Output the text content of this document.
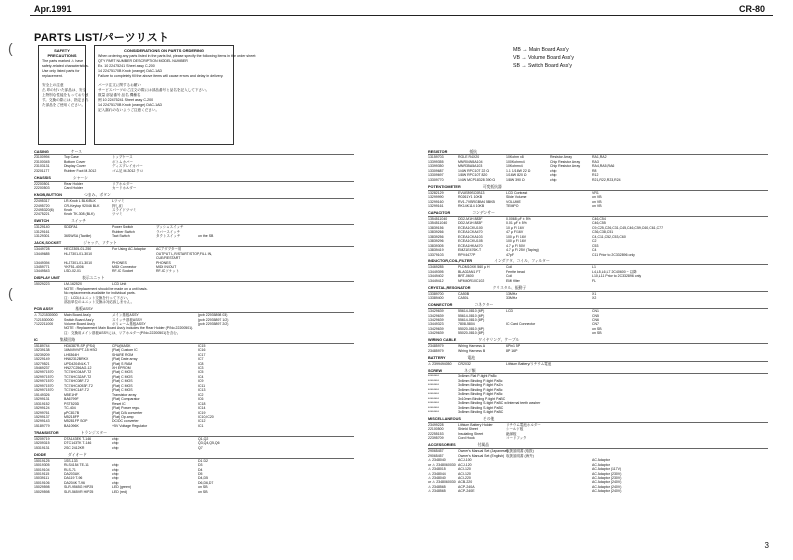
Apr.1991	CR-80
(
(
PARTS LIST/パーツリスト
SAFETY PRECAUTIONS
The parts marked ⚠ have
safety-related characteristics.
Use only listed parts for
replacement.
安全上の注意
⚠ 印の付いた部品は、安全
上特別な性能をもっておりま
す。交換の際には、指定され
た部品をご使用ください。
CONSIDERATIONS ON PARTS ORDERING
When ordering any parts listed in the parts list, please specify the following items in the order sheet:
QTY PART NUMBER DESCRIPTION MODEL NUMBER
Ex. 10 22475241 Sheet assy C-200
14 22475170B Knob (orange) DAC-1AD
Failure to completely fill the above items will cause errors and delay in delivery.
パーツ注文に関するお願い
サービスパーツのご注文の際には部品番号と品名を記入して下さい。
数量 部品番号 品名 機種名
例 10 22475241 Sheet assy C-200
14 22475170B Knob (orange) DAC-1AD
記入漏れのないようご注意ください。
MB → Main Board Ass'y
VB → Volume Board Ass'y
SB → Switch Board Ass'y
CASING	ケース
23100994	Top Case	トップケース
23100045	Bottom Cover	ボトムカバー
23103131	Display Cover	ディスプレイカバー
23201177	Rubber Foot M-3012	ゴム足 M-3012 クロ
CHASSIS	シャーシ
22200501	Rear Holder	リアホルダー
22200503	Card Holder	カードホルダー
KNOB,BUTTON	つまみ、ボタン
22495317	LR-Knob L BLK/BLK	Lツマミ
22495720	CR-Keytop 92046 BLK	押し釦
22495320(6)	Knob	スライドツマミ
22475221	Knob TK-308 (BLK)	ツマミ
SWITCH	スイッチ
13129140	SDDFA1	Power Switch	プッシュスイッチ
13129161	Rubber Switch	ラバースイッチ
13129301	36SWSA (Tactile)	Tact Switch	タクトスイッチ	on the SB
JACK,SOCKET	ジャック、ソケット
13449728	HEC2305-01-250	For Using AC Adaptor	ACアダプター用
13449685	HLJ7301-01-3010	OUTPUT L,R/START/STOP,FILL IN,
CUE/RESTART
13449394	HLJ7301-01-3010	PHONES	PHONES
13459771	YKF51-4006	MIDI Connector	MIDI IN/OUT
13449543	LSD-02-01	RF-IC Socket	RF-ICソケット
DISPLAY UNIT	表示ユニット
15029223	LM-16252X	LCD Unit
NOTE : Replacement should be made on a unit basis.
No replacements available for individual parts.
注：LCDはユニット交換を行って下さい。
部品単位のユニット交換は対応致しません。
PCB ASSY	基板ASSY
⚠ 7121530000	Main Board Ass'y	メイン基板ASSY	(pcb 22935898 03)
7121530000	Switch Board Ass'y	スイッチ基板ASSY	(pcb 22935897 1/2)
7122211000	Volume Board Ass'y	ボリューム基板ASSY	(pcb 22935897 2/2)
NOTE : Replacement Main Board Ass'y includes the Rear Holder (P/No.22200501).
注：交換用メイン基板ASSYには、リアホルダー(P/No.22200501)を含む。
IC	集積回路
15189744	HD6387R-SP (PS4)	CPU(MASK	IC15
15239138	16M49VVPT-15 HSO	(Flat) Custom IC	IC16
15239209	LH5364H	SHARE ROM	IC17
15229149	HN62312BRKX	(Flat) Date array	IC7
15279521	UPD4204NLK-T	(Flat) S RAM	IC8
15469237	HN27C256AG-12	XH EPROM	IC3
1529971570	TC74HC04AF-T2	(Flat) C MOS	IC5
1529971570	TC74HC32AF-T2	(Flat) C MOS	IC4
1529971570	TC74HC08F-T2	(Flat) C MOS	IC9
1529971570	TC74HC4053F-T2	(Flat) C MOS	IC11
1529971570	TC74HC14F-T2	(Flat) C MOS	IC13
15149326	M5E1HF	Transistor array	IC2
15299131	BA6799F	(Flat) Comparator	IC6
15319152	PST520D	Reset IC	IC18
15299124	TC-404	(Flat) Power regu.	IC14
15299761	μPC817B	(Flat) D/A converter	IC19
15299137	M5218FP	(Flat) Op.amp	IC10,IC20
15299143	M5281FP SOP	DC/DC converter	IC12
15189779	BA1096K	+5V Voltage Regulator	IC1
TRANSISTOR	トランジスター
15209719	DTA143EK T-146	chip	Q1,Q2
15209315	DTC143TK T-146	chip	Q3,Q4,Q5,Q6
15319131	2SC 2412KR	chip	Q7
DIODE	ダイオード
15019125	1SS-133	D1 D2
15019305	RLS4154 TE-11	chip	D3
15019104	RLS-71	chip	D4
15019115	DA203UK	chip	D5
15039111	DA119 T-96	chip	D4,D5
15019106	DA204K T-96	chip	D6,D6,D7
15029598	SLR-9565G HIP25	LED (green)	on SB
15029598	SLR-565VR HIP25	LED (red)	on SB
RESISTOR	抵抗
13159703	RGLE R4X20	10Kohm x8	Resistor Array	RA1,RA2
13399355	MNR04N5A104	100Kohmx4	Chip Resistor Array	RA3
13399350	MNR35A5A103	10Kohmx4	Chip Resistor Array	RA4,RA5,RA6
13309687	1/4W RPC10T 22 Ω	1.1 1/16W 22 Ω	chip	R8
13309697	1/8W RPC10T 820	1/16W 820 Ω	chip	R12
13309770	1/4W MCP18328 390 Ω	1/8W 390 Ω	chip	R21,R22,R23,R24
POTENTIOMETER	可変抵抗器
13282129	EVUE89SC0B13	LCD Contrast	VR1
13299990	R0261Y1 10KB	Slide Volume	on VB
13299160	RV1-7VBRGBM4 5BKB	VOLUME	on VB
13299161	RK14K114 10KB	TEMPO	on VB
CAPACITOR	コンデンサー
1354511040	DD2-M1H 883F	0.0068 μF ± 5%	C46,C54
1354511040	DD2-M1H 883F	0.01 μF ± 5%	C46,C55
13839156	ECEA1CKU100	10 μ F/ 16V	C9,C25,C26,C31,C45,C46,C59,C60,C61,C77
13839266	ECEA1CKA470	47 μ F/16V	C36,C38,C51
13839256	ECEA1CKA103	100 μ F/ 16V	C4,C11,C52,C53,C60
13839296	ECEA1CKU105	100 μ F/ 16V	C2
13839305	ECEA1HKA470	4.7 μ F/ 50V	C53
13839419	EMZ1E476K-T	4.7 μ F/ 25V (Taping)	C4
13379103	RPV4477P	47pF	C11 Prior to 2C332896 only
INDUCTOR,COIL,FILTER	インダクタ、コイル、フィルター
13469285	PLDM10XK 560 μ H	Coil	L1
13449395	BLA02AN1 FT	Ferrite bead	L4,L5,L6,L7 2C40600 ~ 以降
13449402	BRT-0600	Coil	L10,L11 Prior to 2C332896 only
13449412	NFM40R10C102	EMI filter	FL
CRYSTAL,RESONATOR	クリスタル、振動子
13389700	CA50B	13MHz	X1
13389400	CA50L	33MHz	X2
CONNECTOR	コネクター
13429639	55614-0810 (6P)	LCD	CN1
13429639	55614-0810 (6P)	CN5
13429639	55614-0810 (8P)	CN6
13449323	7808-5804	IC Card Connector	CN7
13429639	55020-0810 (6P)	on SB
13429639	55020-0810 (8P)	on SB
WIRING CABLE	ワイヤリング、ケーブル
23485979	Wiring Harness A	6Pin1 5P
23485979	Wiring Harness B	8P 16P
BATTERY	電池
⚠ 2399494050	CR2032	Lithium Battery/リチウム電池
SCREW	ネジ類
********	3x6mm Flat P-tight PaBc
********	3x6mm Binding P-tight PaBc
********	3x8mm Binding P-tight PaZn
********	3x6mm Binding P-tight PaBc
********	3x8mm Binding P-tight PaBc
********	3x10mm Binding P-tight PaBC
********	3x8mm Binding S-tight PaBC w/internal teeth washer
********	3x6mm Binding S-tight PaBC
********	3x8mm Binding S-tight PaBC
MISCELLANEOUS	その他
23499228	Lithium Battery Holder	リチウム電池ホルダー
22100500	Shield Sheet	シールド板
22255153	Insulating Sheet	絶縁板
22395709	Cord Hook	コードフック
ACCESSORIES	付属品
29065457	Owner's Manual Set (Japanese)
取扱説明書 (取扱)
29065457	Owner's Manual Set (English) 取扱説明書 (海外)
⚠ 2348040	ACJ-100	AC Adaptor
or ⚠ 2348060030 ACJ-120	AC Adaptor
⚠ 2348015	ACI-120	AC Adaptor (117V)
⚠ 2348044	ACI-120	AC Adaptor (230V)
⚠ 2348040	ACI-220	AC Adaptor (230V)
or ⚠ 2348060030 ACB-220	AC Adaptor (240V)
⚠ 2348565	ACP-240A	AC Adaptor (240V)
⚠ 2348565	ACP-240E	AC Adaptor (240V)
3
